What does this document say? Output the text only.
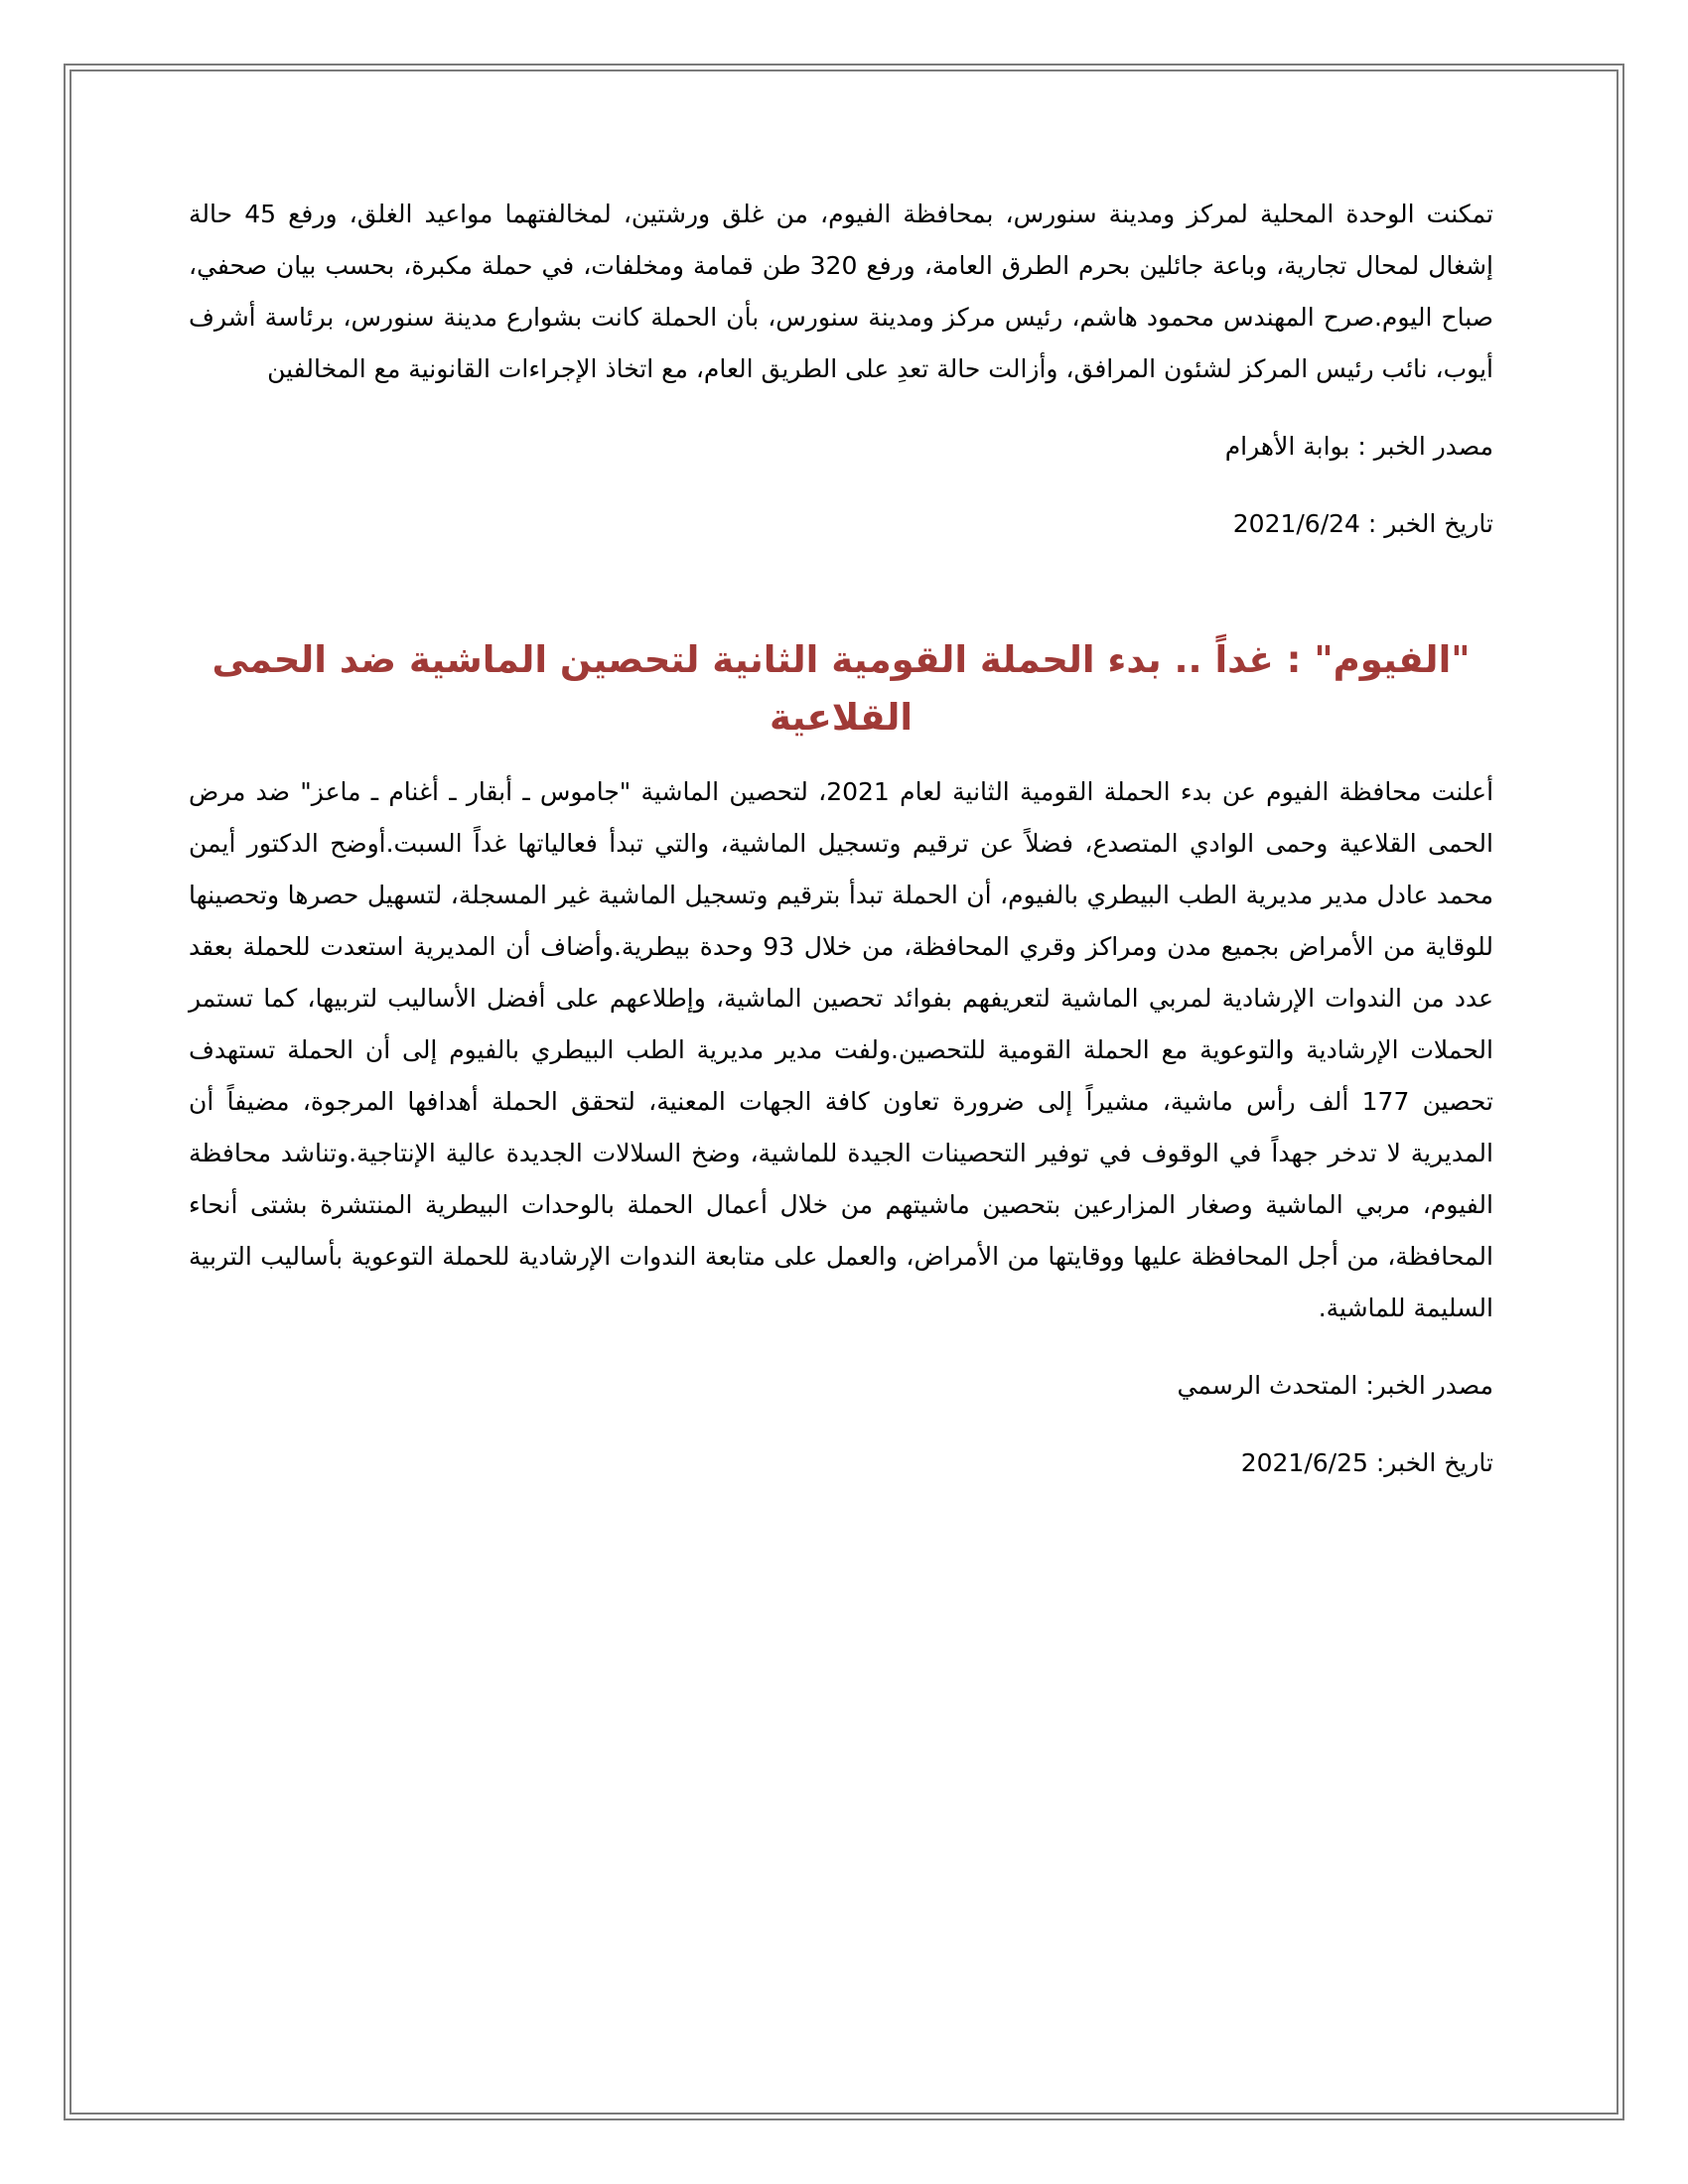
تمكنت الوحدة المحلية لمركز ومدينة سنورس، بمحافظة الفيوم، من غلق ورشتين، لمخالفتهما مواعيد الغلق، ورفع 45 حالة إشغال لمحال تجارية، وباعة جائلين بحرم الطرق العامة، ورفع 320 طن قمامة ومخلفات، في حملة مكبرة، بحسب بيان صحفي، صباح اليوم.صرح المهندس محمود هاشم، رئيس مركز ومدينة سنورس، بأن الحملة كانت بشوارع مدينة سنورس، برئاسة أشرف أيوب، نائب رئيس المركز لشئون المرافق، وأزالت حالة تعدِ على الطريق العام، مع اتخاذ الإجراءات القانونية مع المخالفين

مصدر الخبر : بوابة الأهرام

تاريخ الخبر : 2021/6/24

"الفيوم" : غداً .. بدء الحملة القومية الثانية لتحصين الماشية ضد الحمى القلاعية

أعلنت محافظة الفيوم عن بدء الحملة القومية الثانية لعام 2021، لتحصين الماشية "جاموس ـ أبقار ـ أغنام ـ ماعز" ضد مرض الحمى القلاعية وحمى الوادي المتصدع، فضلاً عن ترقيم وتسجيل الماشية، والتي تبدأ فعالياتها غداً السبت.أوضح الدكتور أيمن محمد عادل مدير مديرية الطب البيطري بالفيوم، أن الحملة تبدأ بترقيم وتسجيل الماشية غير المسجلة، لتسهيل حصرها وتحصينها للوقاية من الأمراض بجميع مدن ومراكز وقري المحافظة، من خلال 93 وحدة بيطرية.وأضاف أن المديرية استعدت للحملة بعقد عدد من الندوات الإرشادية لمربي الماشية لتعريفهم بفوائد تحصين الماشية، وإطلاعهم على أفضل الأساليب لتربيها، كما تستمر الحملات الإرشادية والتوعوية مع الحملة القومية للتحصين.ولفت مدير مديرية الطب البيطري بالفيوم إلى أن الحملة تستهدف تحصين 177 ألف رأس ماشية، مشيراً إلى ضرورة تعاون كافة الجهات المعنية، لتحقق الحملة أهدافها المرجوة، مضيفاً أن المديرية لا تدخر جهداً في الوقوف في توفير التحصينات الجيدة للماشية، وضخ السلالات الجديدة عالية الإنتاجية.وتناشد محافظة الفيوم، مربي الماشية وصغار المزارعين بتحصين ماشيتهم من خلال أعمال الحملة بالوحدات البيطرية المنتشرة بشتى أنحاء المحافظة، من أجل المحافظة عليها ووقايتها من الأمراض، والعمل على متابعة الندوات الإرشادية للحملة التوعوية بأساليب التربية السليمة للماشية.

مصدر الخبر: المتحدث الرسمي

تاريخ الخبر: 2021/6/25
